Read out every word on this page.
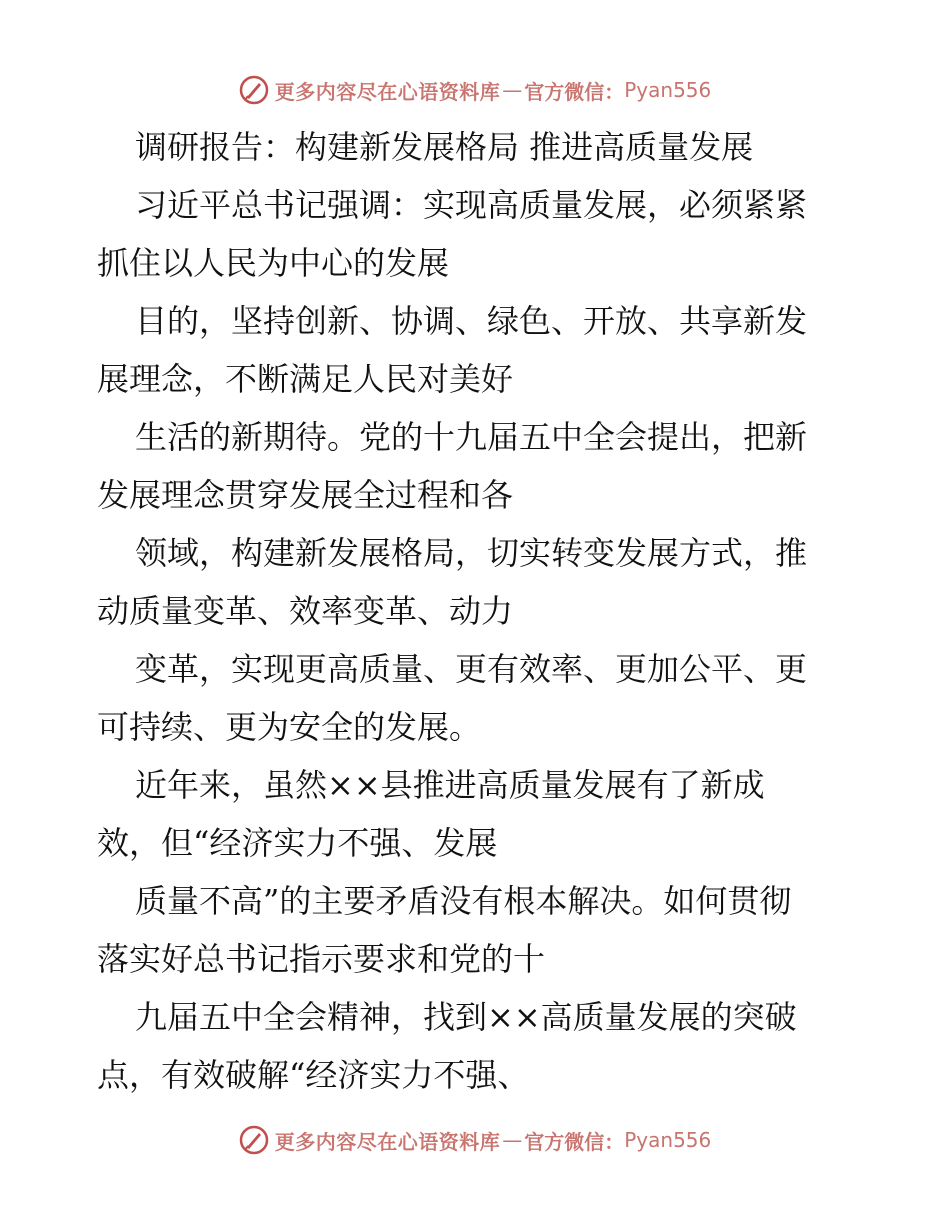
更多内容尽在心语资料库 — 官方微信： Pyan556
调研报告：构建新发展格局 推进高质量发展
习近平总书记强调：实现高质量发展，必须紧紧
抓住以人民为中心的发展
目的，坚持创新、协调、绿色、开放、共享新发
展理念，不断满足人民对美好
生活的新期待。党的十九届五中全会提出，把新
发展理念贯穿发展全过程和各
领域，构建新发展格局，切实转变发展方式，推
动质量变革、效率变革、动力
变革，实现更高质量、更有效率、更加公平、更
可持续、更为安全的发展。
近年来，虽然××县推进高质量发展有了新成
效，但“经济实力不强、发展
质量不高”的主要矛盾没有根本解决。如何贯彻
落实好总书记指示要求和党的十
九届五中全会精神，找到××高质量发展的突破
点，有效破解“经济实力不强、
更多内容尽在心语资料库 — 官方微信： Pyan556
